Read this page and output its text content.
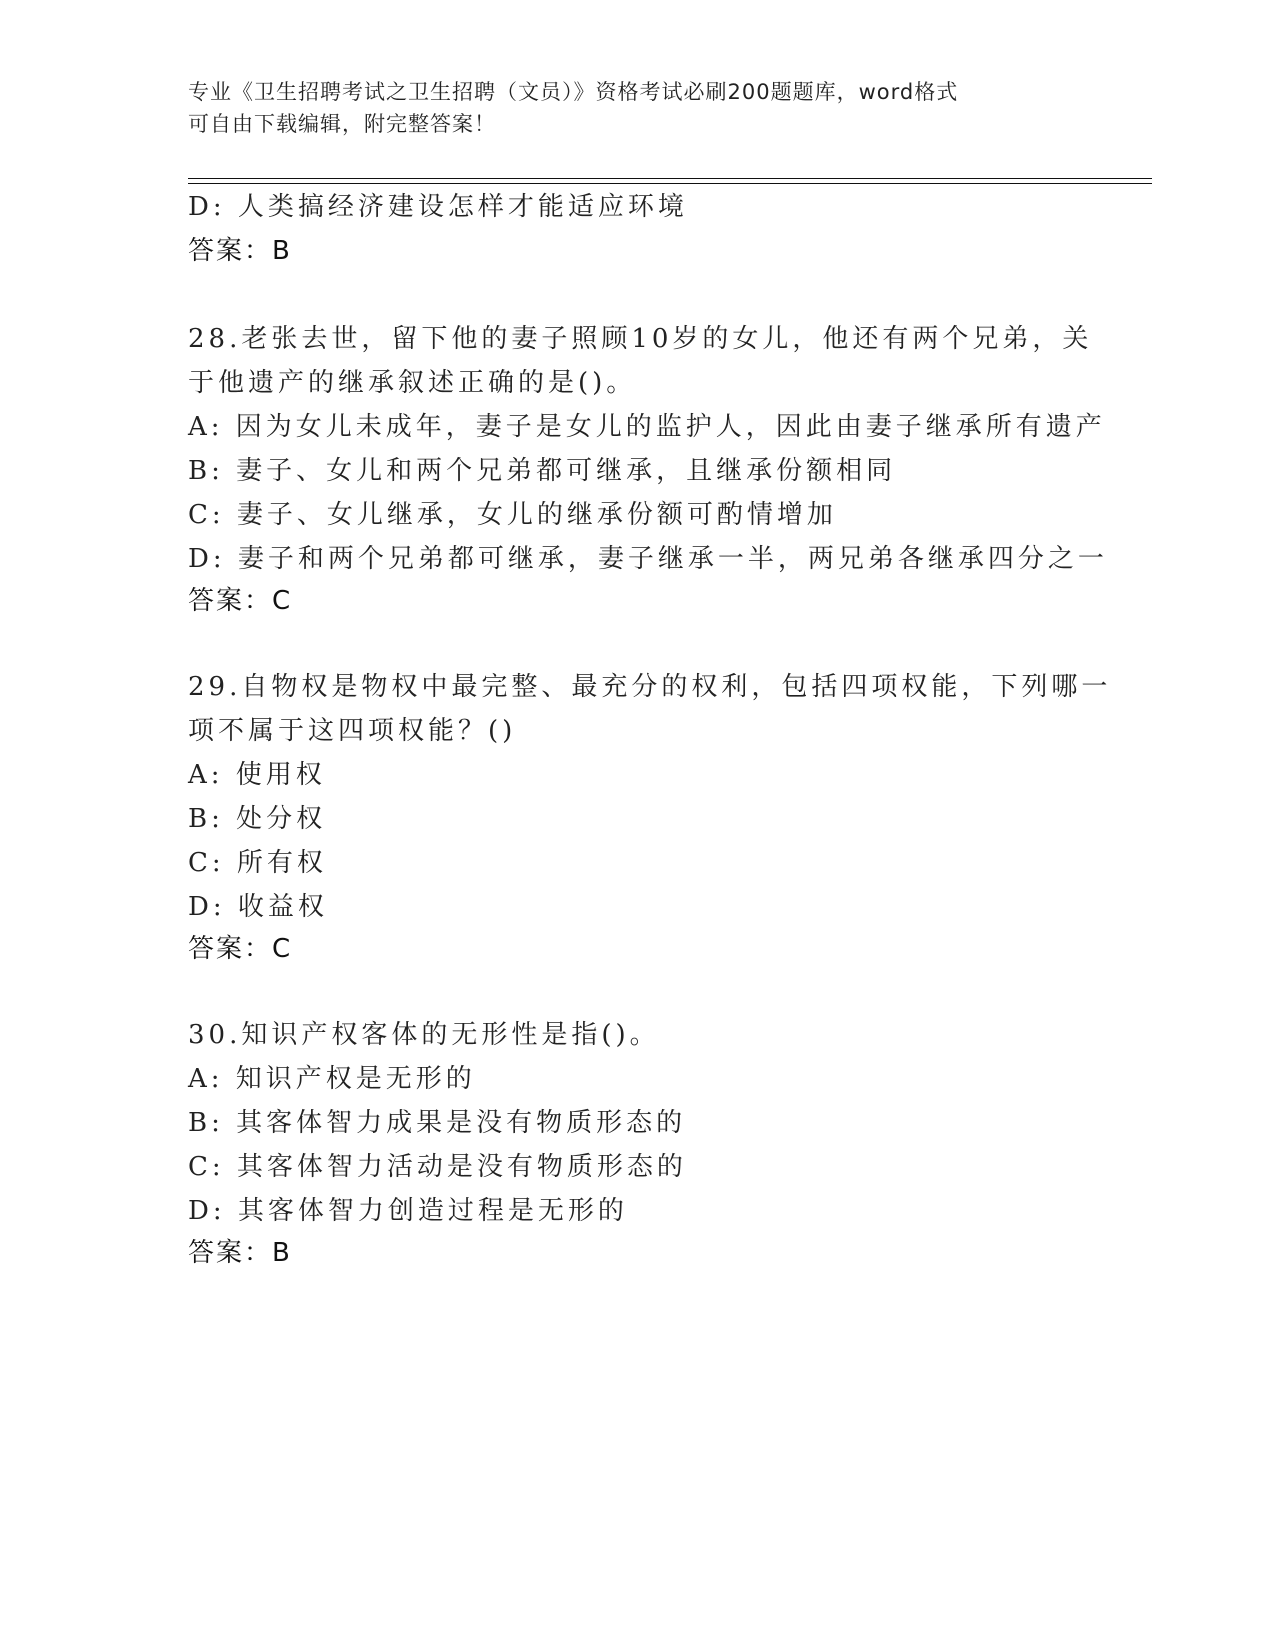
专业《卫生招聘考试之卫生招聘（文员）》资格考试必刷200题题库，word格式
可自由下载编辑，附完整答案！
D: 人类搞经济建设怎样才能适应环境
答案：B
28.老张去世，留下他的妻子照顾10岁的女儿，他还有两个兄弟，关
于他遗产的继承叙述正确的是()。
A: 因为女儿未成年，妻子是女儿的监护人，因此由妻子继承所有遗产
B: 妻子、女儿和两个兄弟都可继承，且继承份额相同
C: 妻子、女儿继承，女儿的继承份额可酌情增加
D: 妻子和两个兄弟都可继承，妻子继承一半，两兄弟各继承四分之一
答案：C
29.自物权是物权中最完整、最充分的权利，包括四项权能，下列哪一
项不属于这四项权能？()
A: 使用权
B: 处分权
C: 所有权
D: 收益权
答案：C
30.知识产权客体的无形性是指()。
A: 知识产权是无形的
B: 其客体智力成果是没有物质形态的
C: 其客体智力活动是没有物质形态的
D: 其客体智力创造过程是无形的
答案：B
